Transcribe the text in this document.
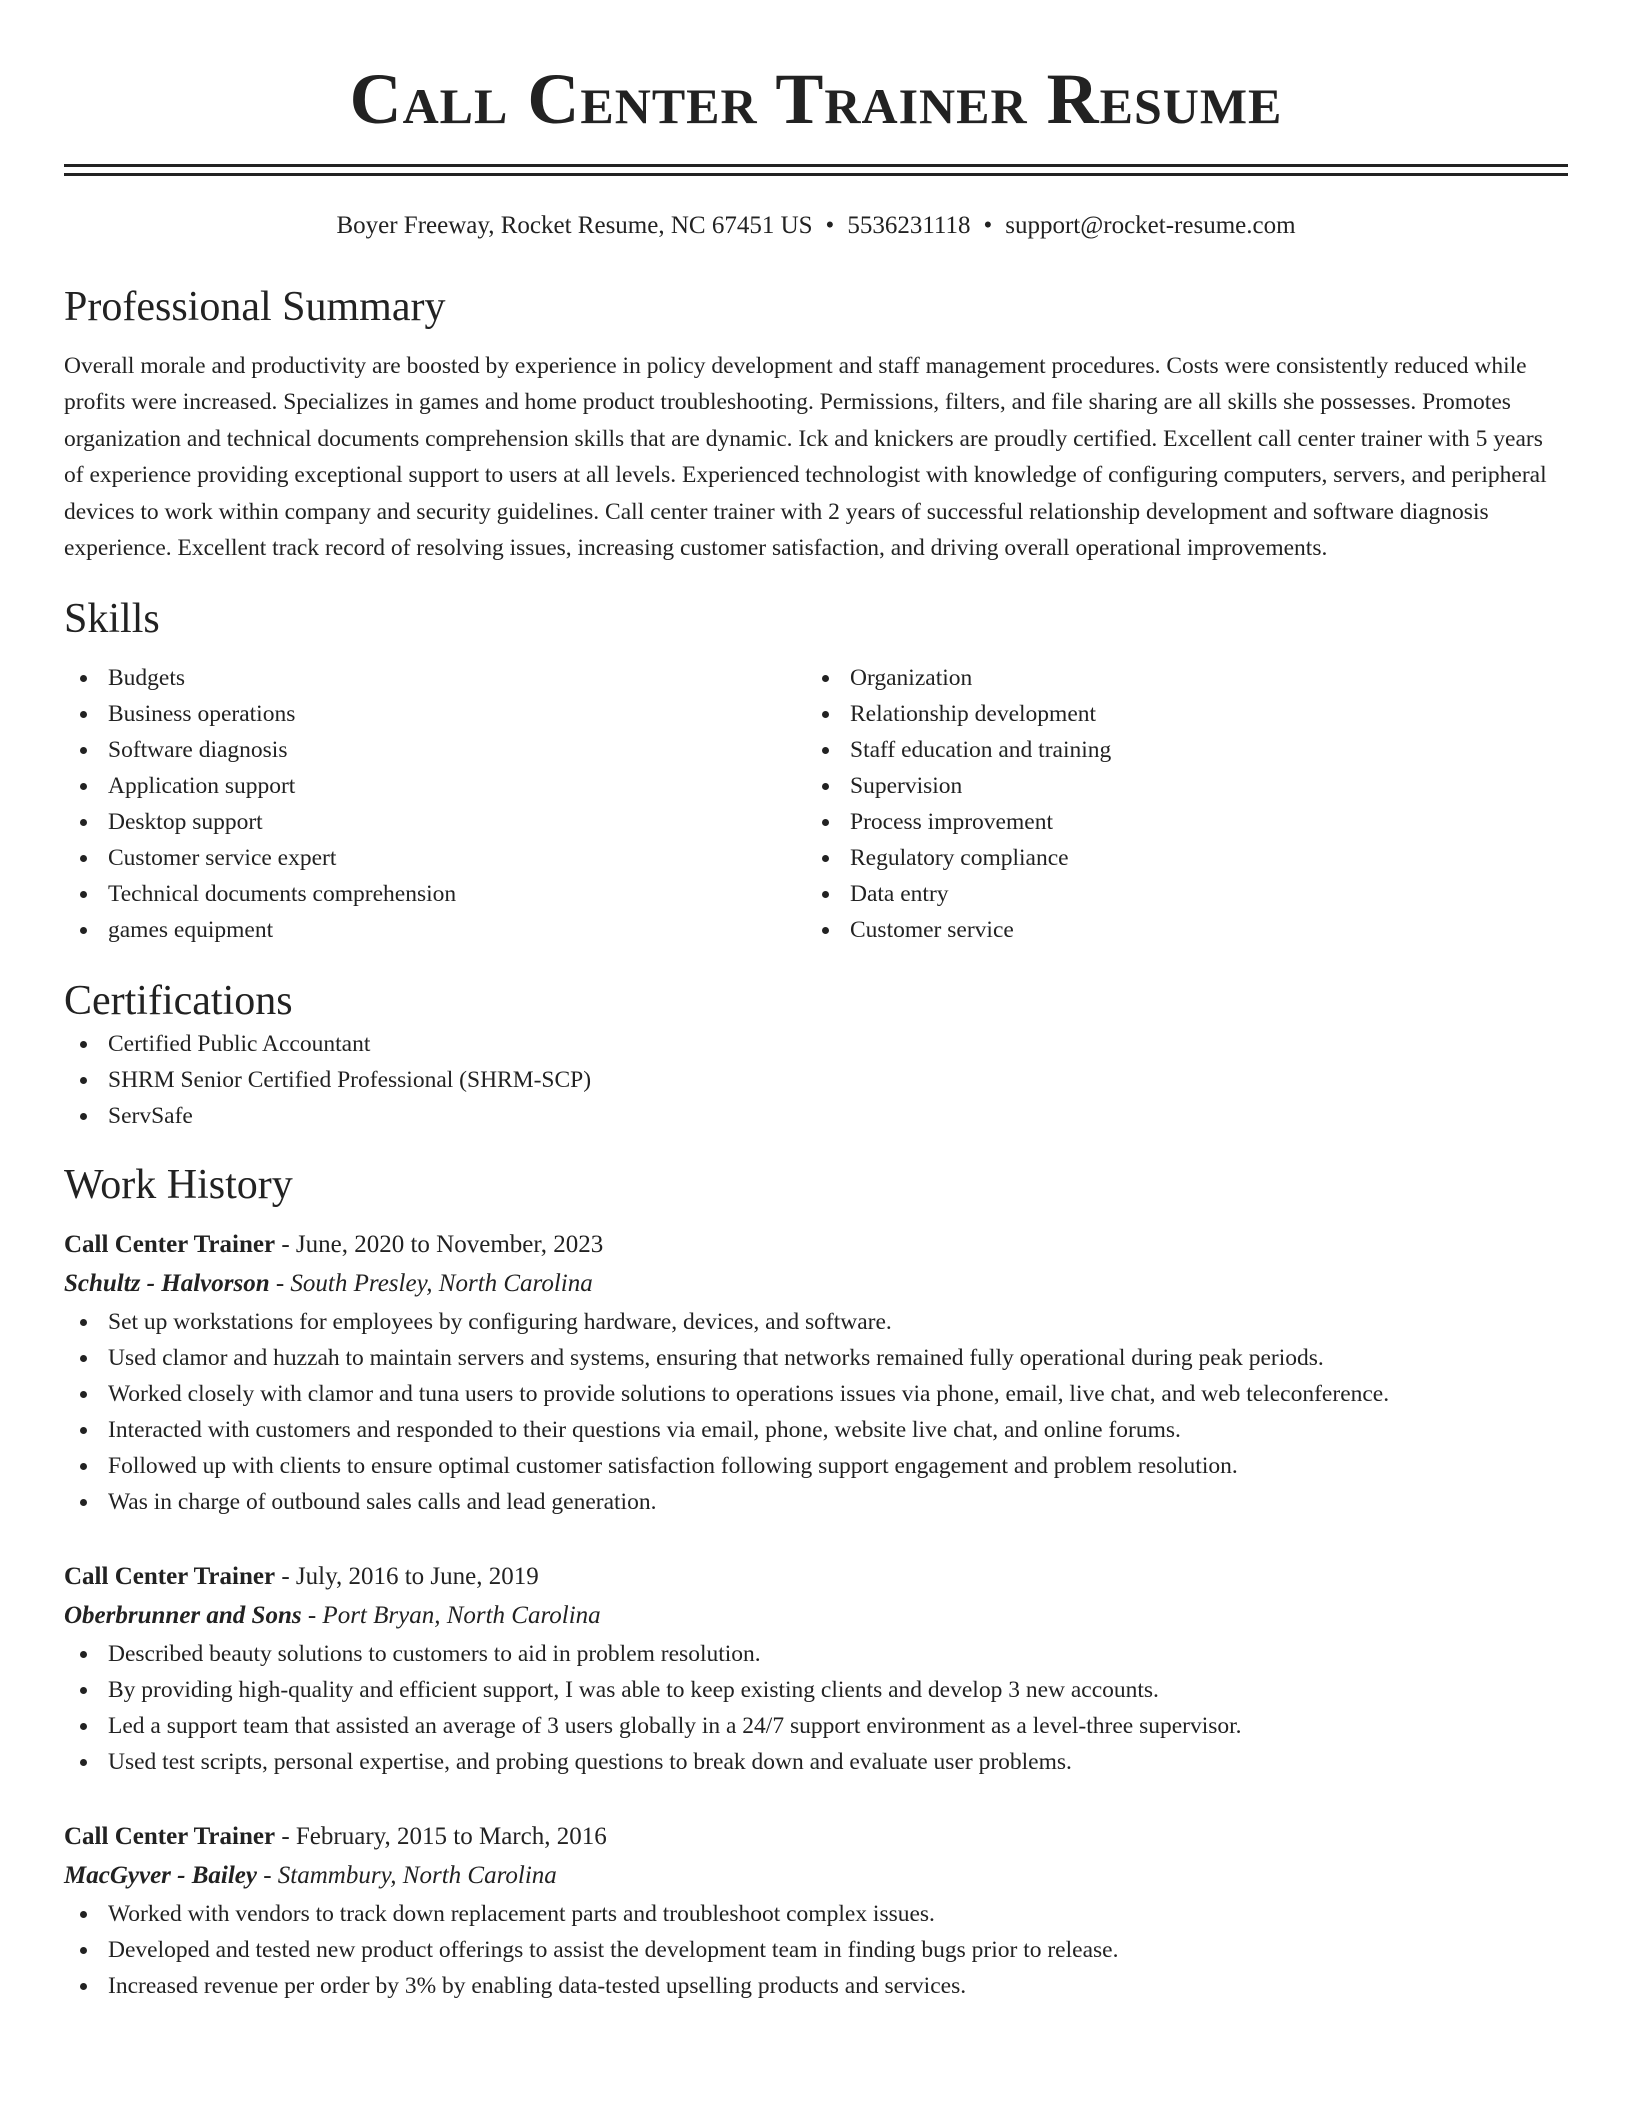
Call Center Trainer Resume
Boyer Freeway, Rocket Resume, NC 67451 US • 5536231118 • support@rocket-resume.com
Professional Summary

Overall morale and productivity are boosted by experience in policy development and staff management procedures. Costs were consistently reduced while profits were increased. Specializes in games and home product troubleshooting. Permissions, filters, and file sharing are all skills she possesses. Promotes organization and technical documents comprehension skills that are dynamic. Ick and knickers are proudly certified. Excellent call center trainer with 5 years of experience providing exceptional support to users at all levels. Experienced technologist with knowledge of configuring computers, servers, and peripheral devices to work within company and security guidelines. Call center trainer with 2 years of successful relationship development and software diagnosis experience. Excellent track record of resolving issues, increasing customer satisfaction, and driving overall operational improvements.

Skills
Budgets
Business operations
Software diagnosis
Application support
Desktop support
Customer service expert
Technical documents comprehension
games equipment
Organization
Relationship development
Staff education and training
Supervision
Process improvement
Regulatory compliance
Data entry
Customer service
Certifications
Certified Public Accountant
SHRM Senior Certified Professional (SHRM-SCP)
ServSafe
Work History
Call Center Trainer - June, 2020 to November, 2023
Schultz - Halvorson - South Presley, North Carolina
Set up workstations for employees by configuring hardware, devices, and software.
Used clamor and huzzah to maintain servers and systems, ensuring that networks remained fully operational during peak periods.
Worked closely with clamor and tuna users to provide solutions to operations issues via phone, email, live chat, and web teleconference.
Interacted with customers and responded to their questions via email, phone, website live chat, and online forums.
Followed up with clients to ensure optimal customer satisfaction following support engagement and problem resolution.
Was in charge of outbound sales calls and lead generation.
Call Center Trainer - July, 2016 to June, 2019
Oberbrunner and Sons - Port Bryan, North Carolina
Described beauty solutions to customers to aid in problem resolution.
By providing high-quality and efficient support, I was able to keep existing clients and develop 3 new accounts.
Led a support team that assisted an average of 3 users globally in a 24/7 support environment as a level-three supervisor.
Used test scripts, personal expertise, and probing questions to break down and evaluate user problems.
Call Center Trainer - February, 2015 to March, 2016
MacGyver - Bailey - Stammbury, North Carolina
Worked with vendors to track down replacement parts and troubleshoot complex issues.
Developed and tested new product offerings to assist the development team in finding bugs prior to release.
Increased revenue per order by 3% by enabling data-tested upselling products and services.
